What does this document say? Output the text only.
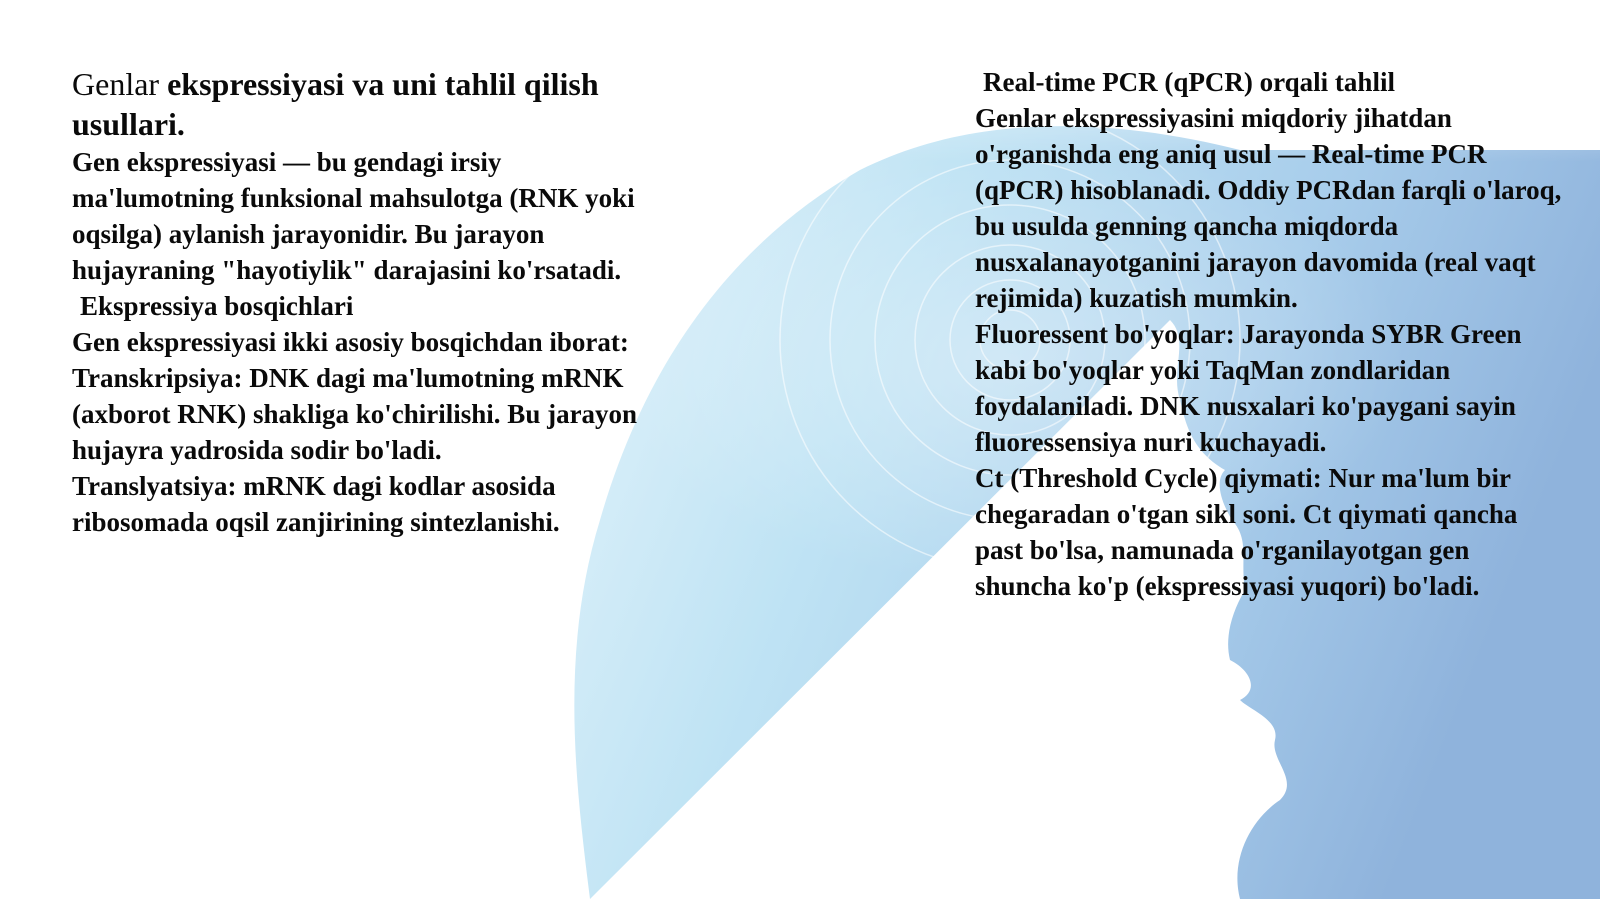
Genlar ekspressiyasi va uni tahlil qilish usullari.

Gen ekspressiyasi — bu gendagi irsiy ma'lumotning funksional mahsulotga (RNK yoki oqsilga) aylanish jarayonidir. Bu jarayon hujayraning "hayotiylik" darajasini ko'rsatadi.

Ekspressiya bosqichlari

Gen ekspressiyasi ikki asosiy bosqichdan iborat:

Transkripsiya: DNK dagi ma'lumotning mRNK (axborot RNK) shakliga ko'chirilishi. Bu jarayon hujayra yadrosida sodir bo'ladi.

Translyatsiya: mRNK dagi kodlar asosida ribosomada oqsil zanjirining sintezlanishi.

Real-time PCR (qPCR) orqali tahlil

Genlar ekspressiyasini miqdoriy jihatdan o'rganishda eng aniq usul — Real-time PCR (qPCR) hisoblanadi. Oddiy PCRdan farqli o'laroq, bu usulda genning qancha miqdorda nusxalanayotganini jarayon davomida (real vaqt rejimida) kuzatish mumkin.

Fluoressent bo'yoqlar: Jarayonda SYBR Green kabi bo'yoqlar yoki TaqMan zondlaridan foydalaniladi. DNK nusxalari ko'paygani sayin fluoressensiya nuri kuchayadi.

Ct (Threshold Cycle) qiymati: Nur ma'lum bir chegaradan o'tgan sikl soni. Ct qiymati qancha past bo'lsa, namunada o'rganilayotgan gen shuncha ko'p (ekspressiyasi yuqori) bo'ladi.
